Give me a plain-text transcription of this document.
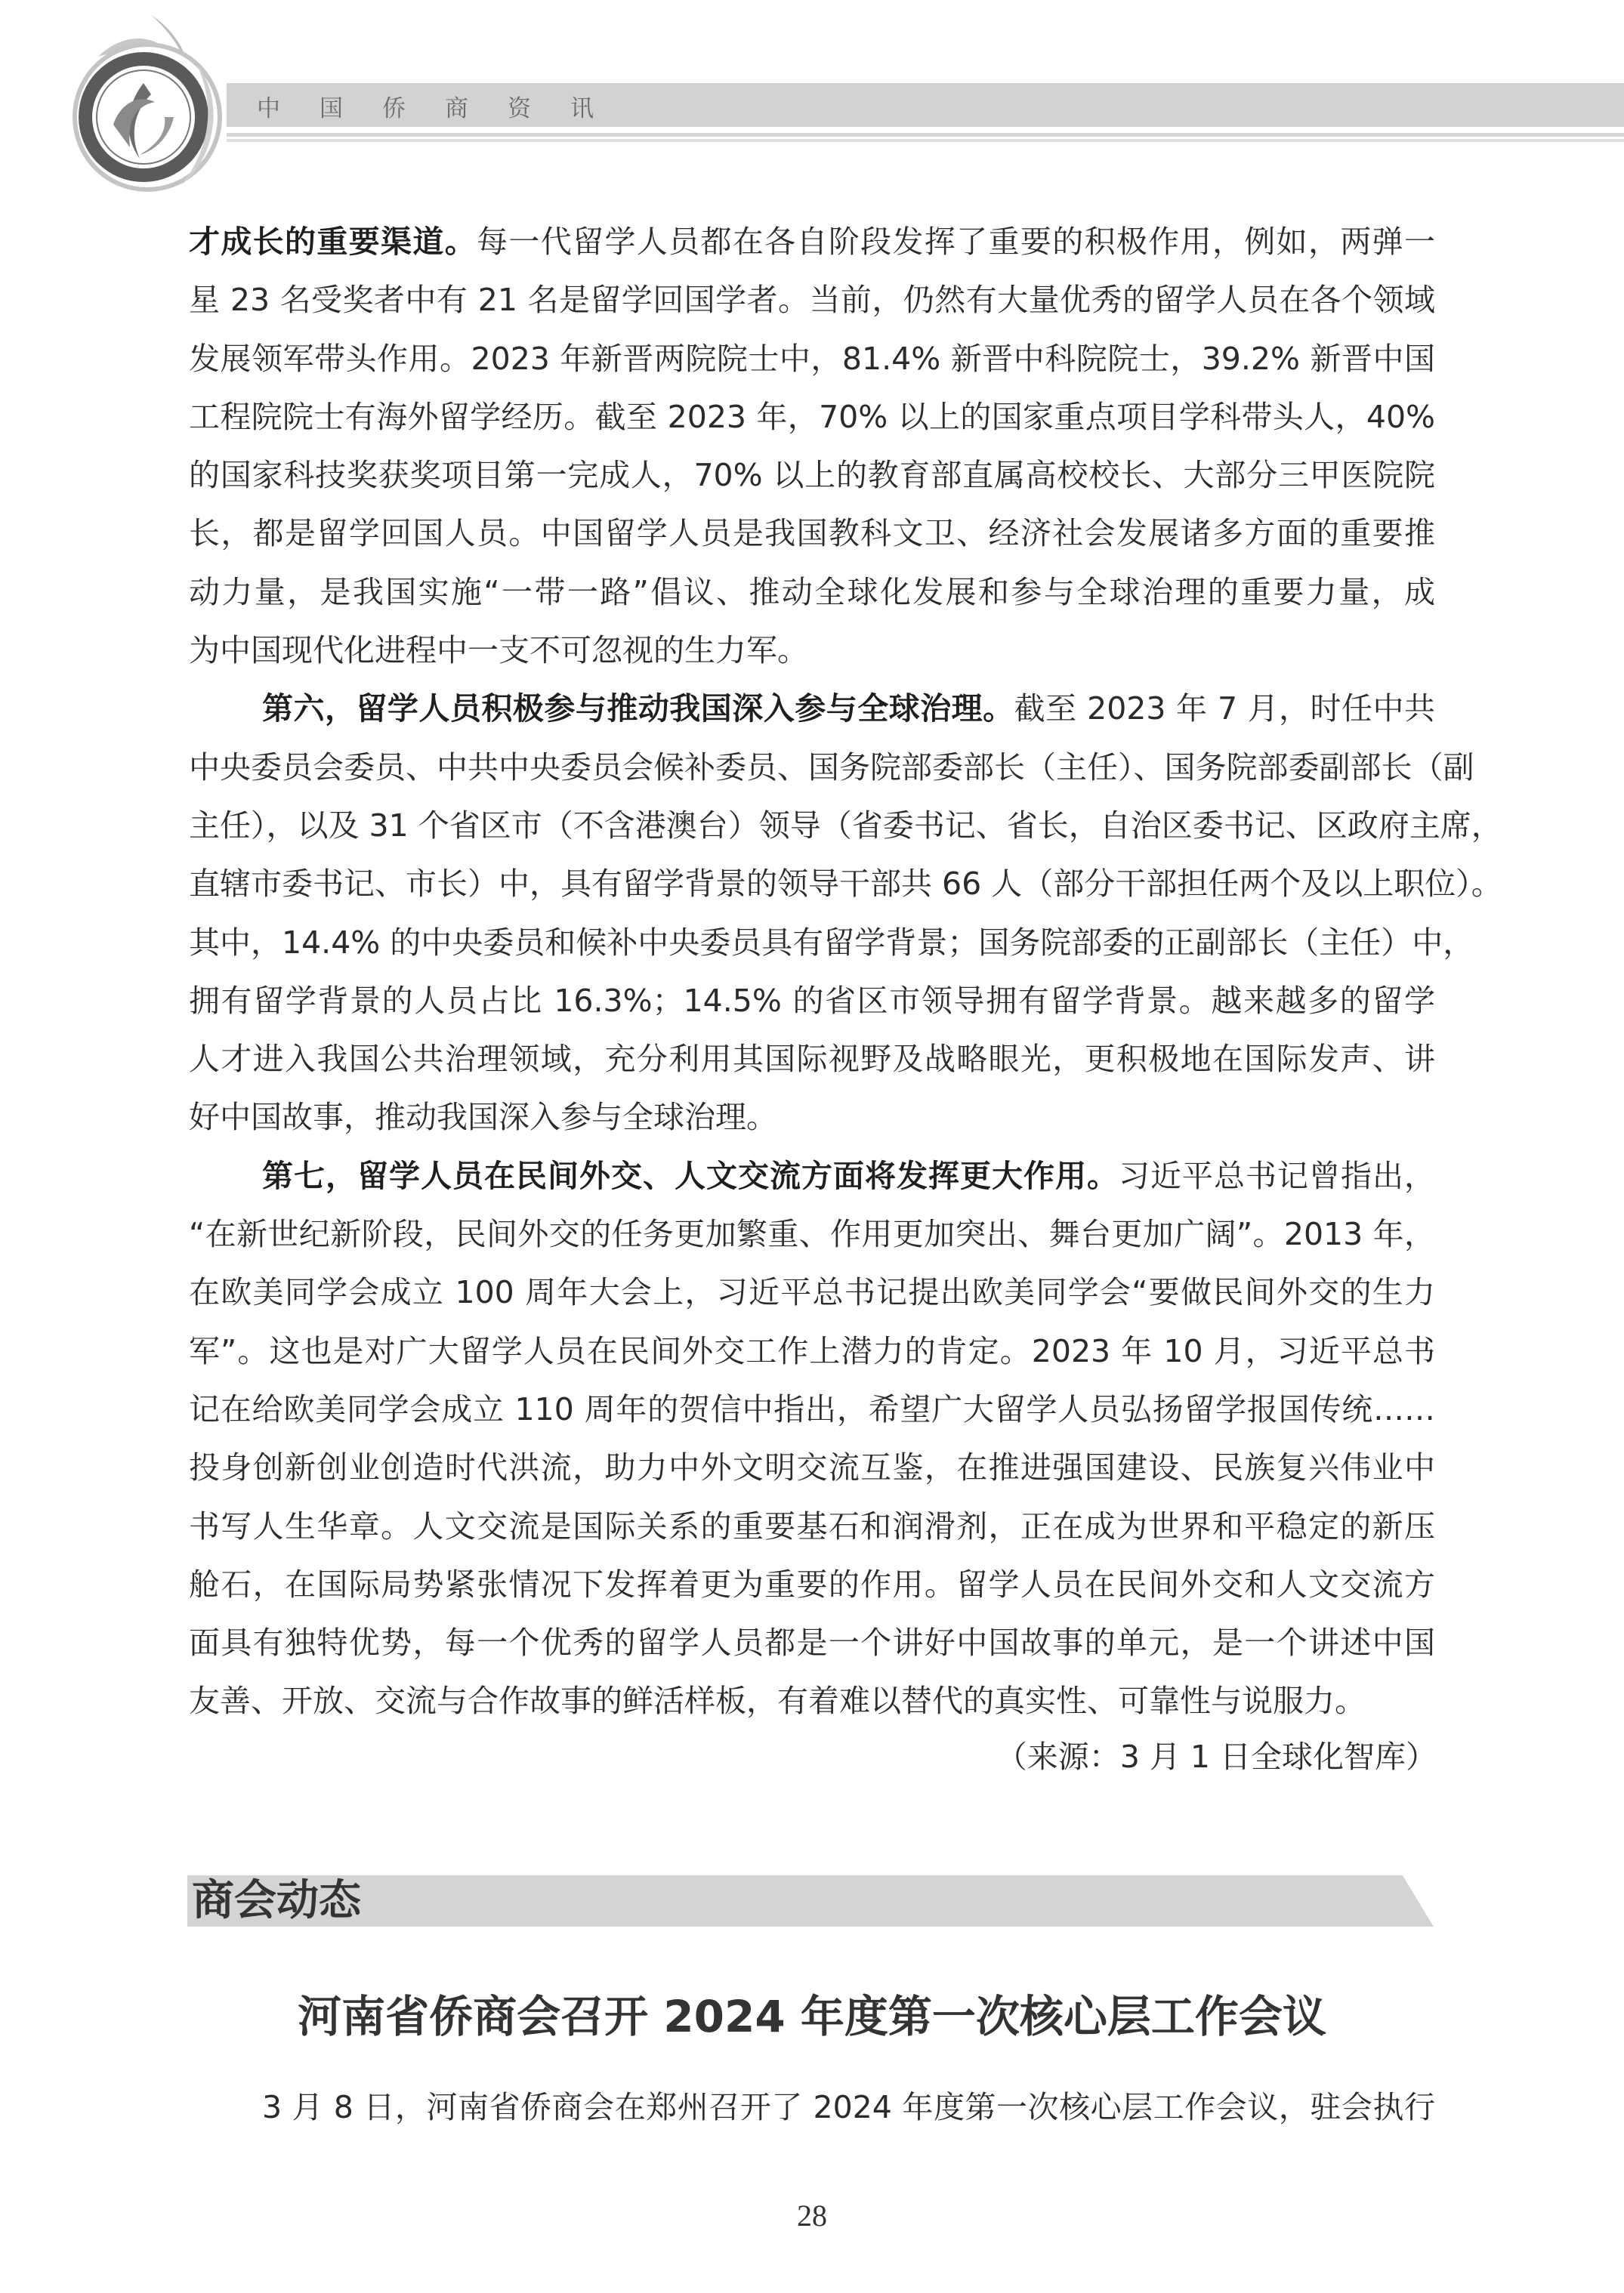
中 国 侨 商 资 讯
才成长的重要渠道。每一代留学人员都在各自阶段发挥了重要的积极作用，例如，两弹一
星 23 名受奖者中有 21 名是留学回国学者。当前，仍然有大量优秀的留学人员在各个领域
发展领军带头作用。2023 年新晋两院院士中，81.4% 新晋中科院院士，39.2% 新晋中国
工程院院士有海外留学经历。截至 2023 年，70% 以上的国家重点项目学科带头人，40%
的国家科技奖获奖项目第一完成人，70% 以上的教育部直属高校校长、大部分三甲医院院
长，都是留学回国人员。中国留学人员是我国教科文卫、经济社会发展诸多方面的重要推
动力量，是我国实施“一带一路”倡议、推动全球化发展和参与全球治理的重要力量，成
为中国现代化进程中一支不可忽视的生力军。
第六，留学人员积极参与推动我国深入参与全球治理。截至 2023 年 7 月，时任中共
中央委员会委员、中共中央委员会候补委员、国务院部委部长（主任）、国务院部委副部长（副
主任），以及 31 个省区市（不含港澳台）领导（省委书记、省长，自治区委书记、区政府主席，
直辖市委书记、市长）中，具有留学背景的领导干部共 66 人（部分干部担任两个及以上职位）。
其中，14.4% 的中央委员和候补中央委员具有留学背景；国务院部委的正副部长（主任）中，
拥有留学背景的人员占比 16.3%；14.5% 的省区市领导拥有留学背景。越来越多的留学
人才进入我国公共治理领域，充分利用其国际视野及战略眼光，更积极地在国际发声、讲
好中国故事，推动我国深入参与全球治理。
第七，留学人员在民间外交、人文交流方面将发挥更大作用。习近平总书记曾指出，
“在新世纪新阶段，民间外交的任务更加繁重、作用更加突出、舞台更加广阔”。2013 年，
在欧美同学会成立 100 周年大会上，习近平总书记提出欧美同学会“要做民间外交的生力
军”。这也是对广大留学人员在民间外交工作上潜力的肯定。2023 年 10 月，习近平总书
记在给欧美同学会成立 110 周年的贺信中指出，希望广大留学人员弘扬留学报国传统……
投身创新创业创造时代洪流，助力中外文明交流互鉴，在推进强国建设、民族复兴伟业中
书写人生华章。人文交流是国际关系的重要基石和润滑剂，正在成为世界和平稳定的新压
舱石，在国际局势紧张情况下发挥着更为重要的作用。留学人员在民间外交和人文交流方
面具有独特优势，每一个优秀的留学人员都是一个讲好中国故事的单元，是一个讲述中国
友善、开放、交流与合作故事的鲜活样板，有着难以替代的真实性、可靠性与说服力。
（来源：3 月 1 日全球化智库）
商会动态
河南省侨商会召开 2024 年度第一次核心层工作会议
3 月 8 日，河南省侨商会在郑州召开了 2024 年度第一次核心层工作会议，驻会执行
28
